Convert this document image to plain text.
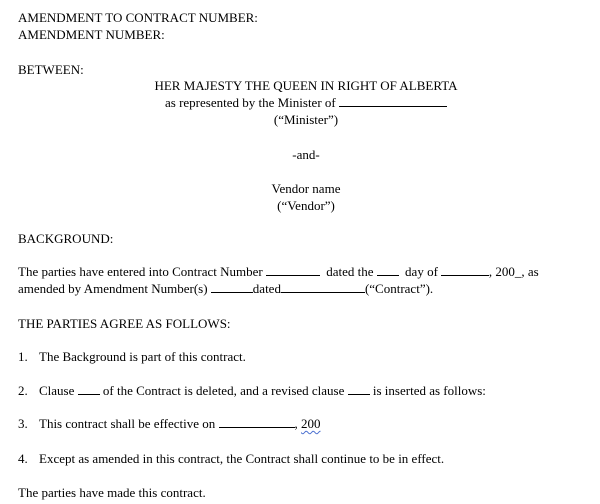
AMENDMENT TO CONTRACT NUMBER:
AMENDMENT NUMBER:
BETWEEN:
HER MAJESTY THE QUEEN IN RIGHT OF ALBERTA
as represented by the Minister of
(“Minister”)
-and-
Vendor name
(“Vendor”)
BACKGROUND:
The parties have entered into Contract Number	dated the day of	, 200_, as
amended by Amendment Number(s)	dated	(“Contract”).
THE PARTIES AGREE AS FOLLOWS:
1. The Background is part of this contract.
2. Clause of the Contract is deleted, and a revised clause is inserted as follows:
3. This contract shall be effective on	, 200
4. Except as amended in this contract, the Contract shall continue to be in effect.
The parties have made this contract.
